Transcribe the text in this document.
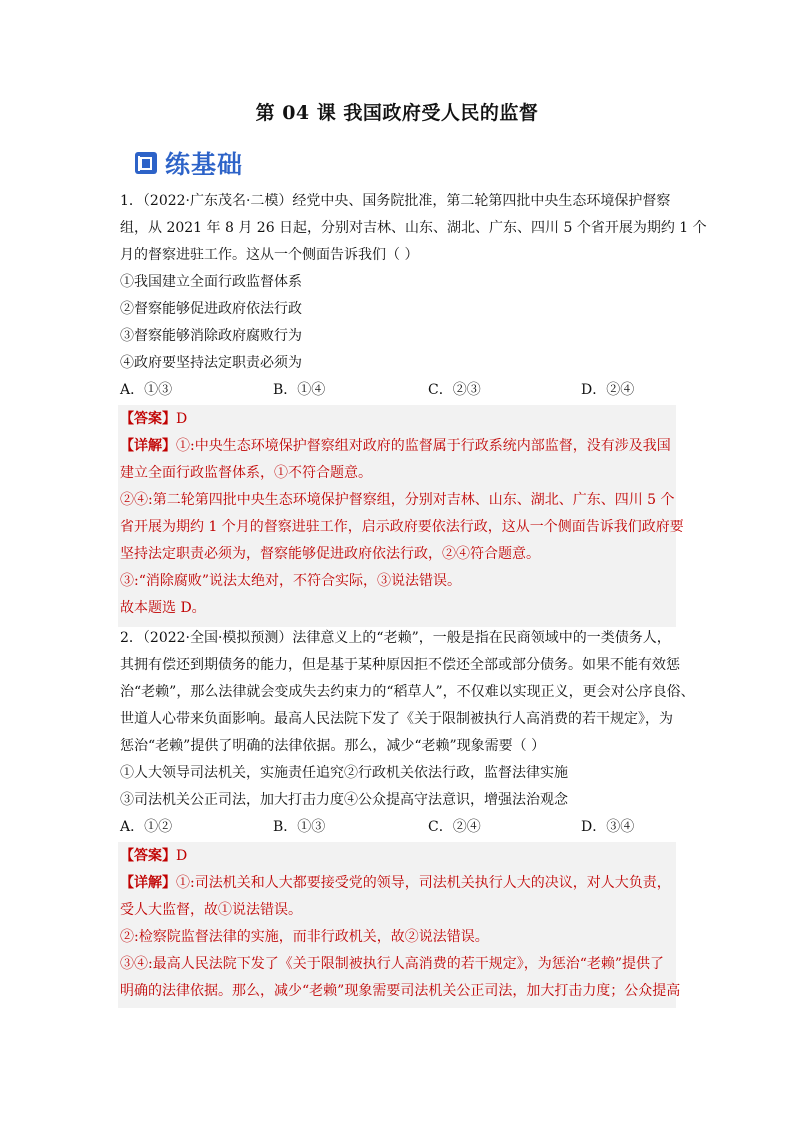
第 04 课 我国政府受人民的监督
练基础
1．（2022·广东茂名·二模）经党中央、国务院批准，第二轮第四批中央生态环境保护督察
组，从 2021 年 8 月 26 日起，分别对吉林、山东、湖北、广东、四川 5 个省开展为期约 1 个
月的督察进驻工作。这从一个侧面告诉我们（ ）
①我国建立全面行政监督体系
②督察能够促进政府依法行政
③督察能够消除政府腐败行为
④政府要坚持法定职责必须为
A．①③	B．①④	C．②③	D．②④
【答案】D
【详解】①:中央生态环境保护督察组对政府的监督属于行政系统内部监督，没有涉及我国
建立全面行政监督体系，①不符合题意。
②④:第二轮第四批中央生态环境保护督察组，分别对吉林、山东、湖北、广东、四川 5 个
省开展为期约 1 个月的督察进驻工作，启示政府要依法行政，这从一个侧面告诉我们政府要
坚持法定职责必须为，督察能够促进政府依法行政，②④符合题意。
③:“消除腐败”说法太绝对，不符合实际，③说法错误。
故本题选 D。
2．（2022·全国·模拟预测）法律意义上的“老赖”，一般是指在民商领域中的一类债务人，
其拥有偿还到期债务的能力，但是基于某种原因拒不偿还全部或部分债务。如果不能有效惩
治“老赖”，那么法律就会变成失去约束力的“稻草人”，不仅难以实现正义，更会对公序良俗、
世道人心带来负面影响。最高人民法院下发了《关于限制被执行人高消费的若干规定》，为
惩治“老赖”提供了明确的法律依据。那么，减少“老赖”现象需要（ ）
①人大领导司法机关，实施责任追究②行政机关依法行政，监督法律实施
③司法机关公正司法，加大打击力度④公众提高守法意识，增强法治观念
A．①②	B．①③	C．②④	D．③④
【答案】D
【详解】①:司法机关和人大都要接受党的领导，司法机关执行人大的决议，对人大负责，
受人大监督，故①说法错误。
②:检察院监督法律的实施，而非行政机关，故②说法错误。
③④:最高人民法院下发了《关于限制被执行人高消费的若干规定》，为惩治“老赖”提供了
明确的法律依据。那么，减少“老赖”现象需要司法机关公正司法，加大打击力度；公众提高
